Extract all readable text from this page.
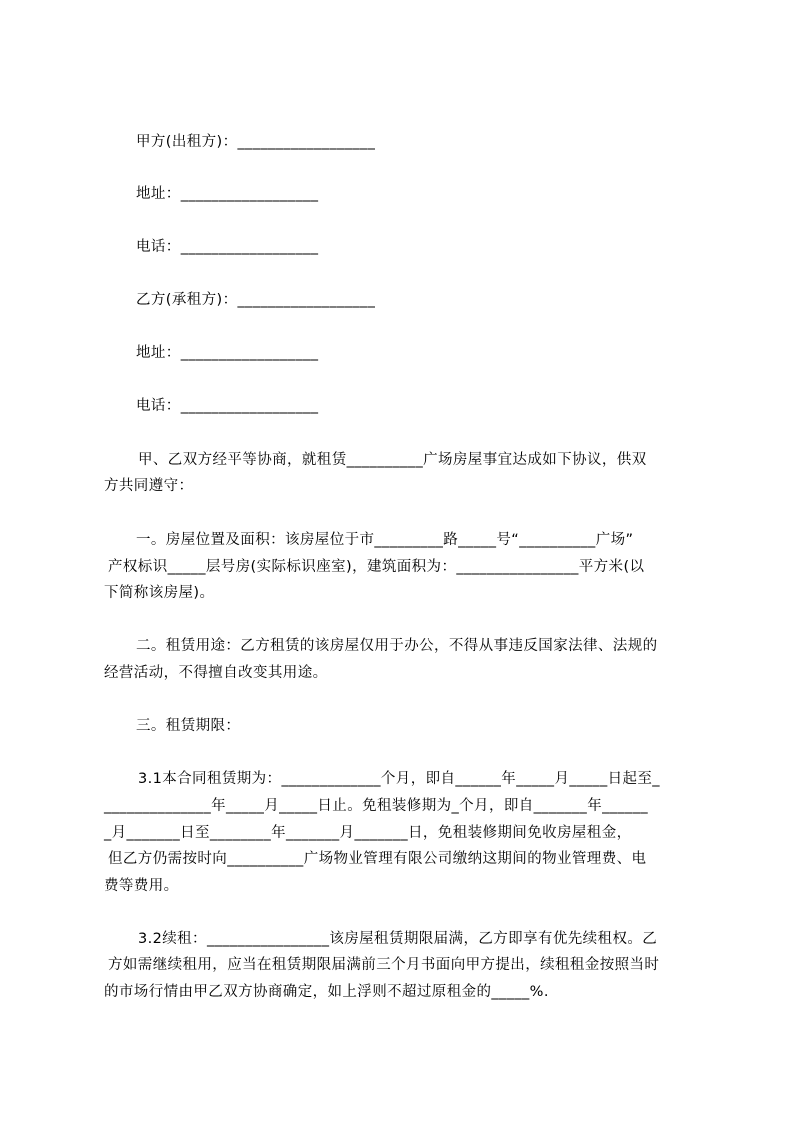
甲方(出租方)：__________________
地址：__________________
电话：__________________
乙方(承租方)：__________________
地址：__________________
电话：__________________
甲、乙双方经平等协商，就租赁__________广场房屋事宜达成如下协议，供双
方共同遵守：
一。房屋位置及面积：该房屋位于市_________路_____号“__________广场”
产权标识_____层号房(实际标识座室)，建筑面积为：________________平方米(以
下简称该房屋)。
二。租赁用途：乙方租赁的该房屋仅用于办公，不得从事违反国家法律、法规的
经营活动，不得擅自改变其用途。
三。租赁期限：
3.1本合同租赁期为：_____________个月，即自______年_____月_____日起至_
______________年_____月_____日止。免租装修期为_个月，即自_______年______
_月_______日至________年_______月_______日，免租装修期间免收房屋租金，
但乙方仍需按时向__________广场物业管理有限公司缴纳这期间的物业管理费、电
费等费用。
3.2续租：________________该房屋租赁期限届满，乙方即享有优先续租权。乙
方如需继续租用，应当在租赁期限届满前三个月书面向甲方提出，续租租金按照当时
的市场行情由甲乙双方协商确定，如上浮则不超过原租金的_____%.
